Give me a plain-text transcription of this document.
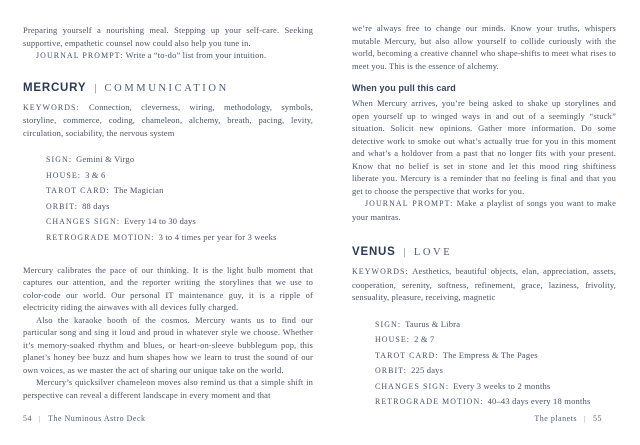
Preparing yourself a nourishing meal. Stepping up your self-care. Seeking supportive, empathetic counsel now could also help you tune in.
JOURNAL PROMPT: Write a “to-do” list from your intuition.
MERCURY | COMMUNICATION
KEYWORDS: Connection, cleverness, wiring, methodology, symbols, storyline, commerce, coding, chameleon, alchemy, breath, pacing, levity, circulation, sociability, the nervous system
SIGN: Gemini & Virgo
HOUSE: 3 & 6
TAROT CARD: The Magician
ORBIT: 88 days
CHANGES SIGN: Every 14 to 30 days
RETROGRADE MOTION: 3 to 4 times per year for 3 weeks
Mercury calibrates the pace of our thinking. It is the light bulb moment that captures our attention, and the reporter writing the storylines that we use to color-code our world. Our personal IT maintenance guy, it is a ripple of electricity riding the airwaves with all devices fully charged.
Also the karaoke booth of the cosmos. Mercury wants us to find our particular song and sing it loud and proud in whatever style we choose. Whether it’s memory-soaked rhythm and blues, or heart-on-sleeve bubblegum pop, this planet’s honey bee buzz and hum shapes how we learn to trust the sound of our own voices, as we master the act of sharing our unique take on the world.
Mercury’s quicksilver chameleon moves also remind us that a simple shift in perspective can reveal a different landscape in every moment and that
we’re always free to change our minds. Know your truths, whispers mutable Mercury, but also allow yourself to collide curiously with the world, becoming a creative channel who shape-shifts to meet what rises to meet you. This is the essence of alchemy.
When you pull this card
When Mercury arrives, you’re being asked to shake up storylines and open yourself up to winged ways in and out of a seemingly “stuck” situation. Solicit new opinions. Gather more information. Do some detective work to smoke out what’s actually true for you in this moment and what’s a holdover from a past that no longer fits with your present. Know that no belief is set in stone and let this mood ring shiftiness liberate you. Mercury is a reminder that no feeling is final and that you get to choose the perspective that works for you.
JOURNAL PROMPT: Make a playlist of songs you want to make your mantras.
VENUS | LOVE
KEYWORDS: Aesthetics, beautiful objects, elan, appreciation, assets, cooperation, serenity, softness, refinement, grace, laziness, frivolity, sensuality, pleasure, receiving, magnetic
SIGN: Taurus & Libra
HOUSE: 2 & 7
TAROT CARD: The Empress & The Pages
ORBIT: 225 days
CHANGES SIGN: Every 3 weeks to 2 months
RETROGRADE MOTION: 40–43 days every 18 months
54 | The Numinous Astro Deck	The planets | 55
